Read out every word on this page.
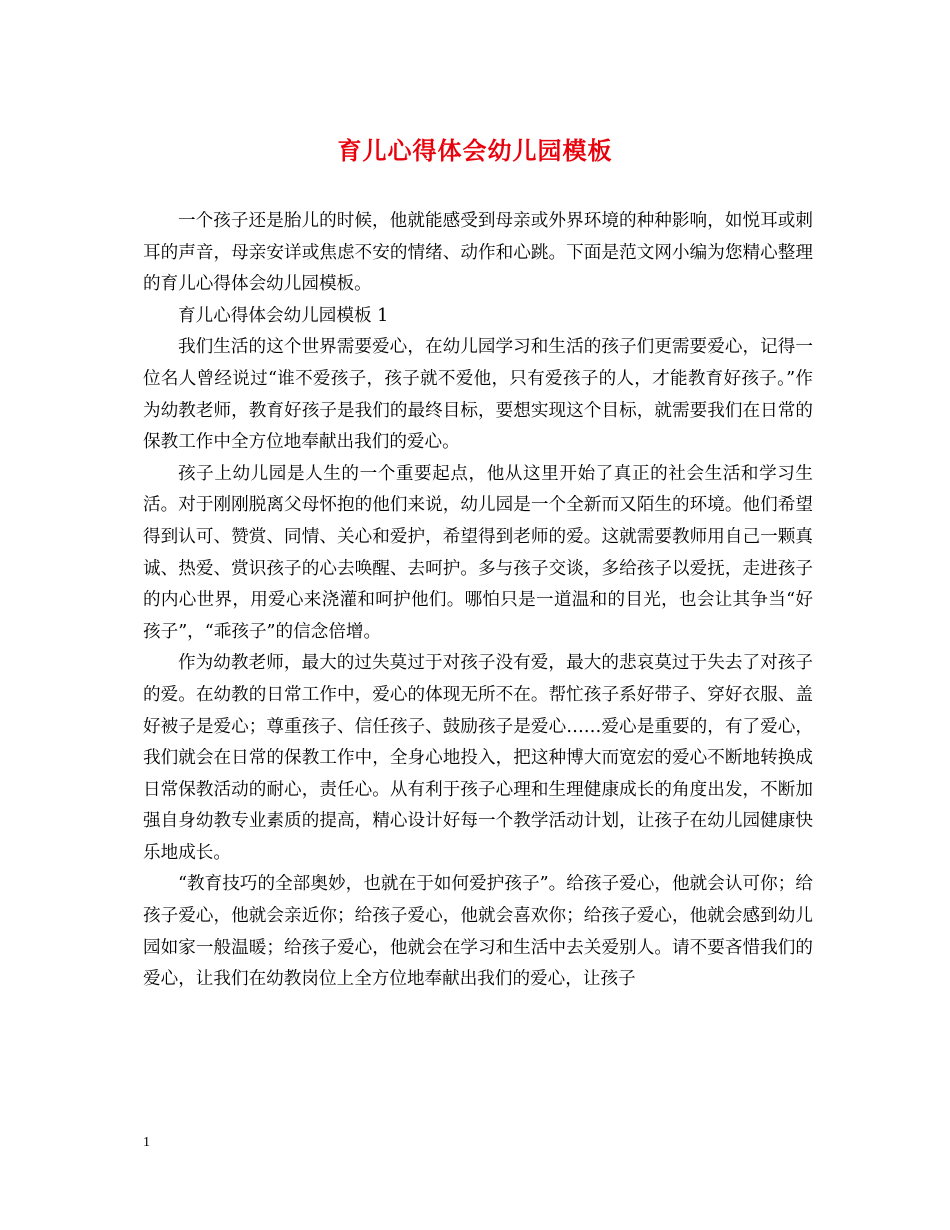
育儿心得体会幼儿园模板

一个孩子还是胎儿的时候，他就能感受到母亲或外界环境的种种影响，如悦耳或刺耳的声音，母亲安详或焦虑不安的情绪、动作和心跳。下面是范文网小编为您精心整理的育儿心得体会幼儿园模板。

育儿心得体会幼儿园模板 1

我们生活的这个世界需要爱心，在幼儿园学习和生活的孩子们更需要爱心，记得一位名人曾经说过“谁不爱孩子，孩子就不爱他，只有爱孩子的人，才能教育好孩子。”作为幼教老师，教育好孩子是我们的最终目标，要想实现这个目标，就需要我们在日常的保教工作中全方位地奉献出我们的爱心。

孩子上幼儿园是人生的一个重要起点，他从这里开始了真正的社会生活和学习生活。对于刚刚脱离父母怀抱的他们来说，幼儿园是一个全新而又陌生的环境。他们希望得到认可、赞赏、同情、关心和爱护，希望得到老师的爱。这就需要教师用自己一颗真诚、热爱、赏识孩子的心去唤醒、去呵护。多与孩子交谈，多给孩子以爱抚，走进孩子的内心世界，用爱心来浇灌和呵护他们。哪怕只是一道温和的目光，也会让其争当“好孩子”，“乖孩子”的信念倍增。

作为幼教老师，最大的过失莫过于对孩子没有爱，最大的悲哀莫过于失去了对孩子的爱。在幼教的日常工作中，爱心的体现无所不在。帮忙孩子系好带子、穿好衣服、盖好被子是爱心；尊重孩子、信任孩子、鼓励孩子是爱心……爱心是重要的，有了爱心，我们就会在日常的保教工作中，全身心地投入，把这种博大而宽宏的爱心不断地转换成日常保教活动的耐心，责任心。从有利于孩子心理和生理健康成长的角度出发，不断加强自身幼教专业素质的提高，精心设计好每一个教学活动计划，让孩子在幼儿园健康快乐地成长。

“教育技巧的全部奥妙，也就在于如何爱护孩子”。给孩子爱心，他就会认可你；给孩子爱心，他就会亲近你；给孩子爱心，他就会喜欢你；给孩子爱心，他就会感到幼儿园如家一般温暖；给孩子爱心，他就会在学习和生活中去关爱别人。请不要吝惜我们的爱心，让我们在幼教岗位上全方位地奉献出我们的爱心，让孩子

1
